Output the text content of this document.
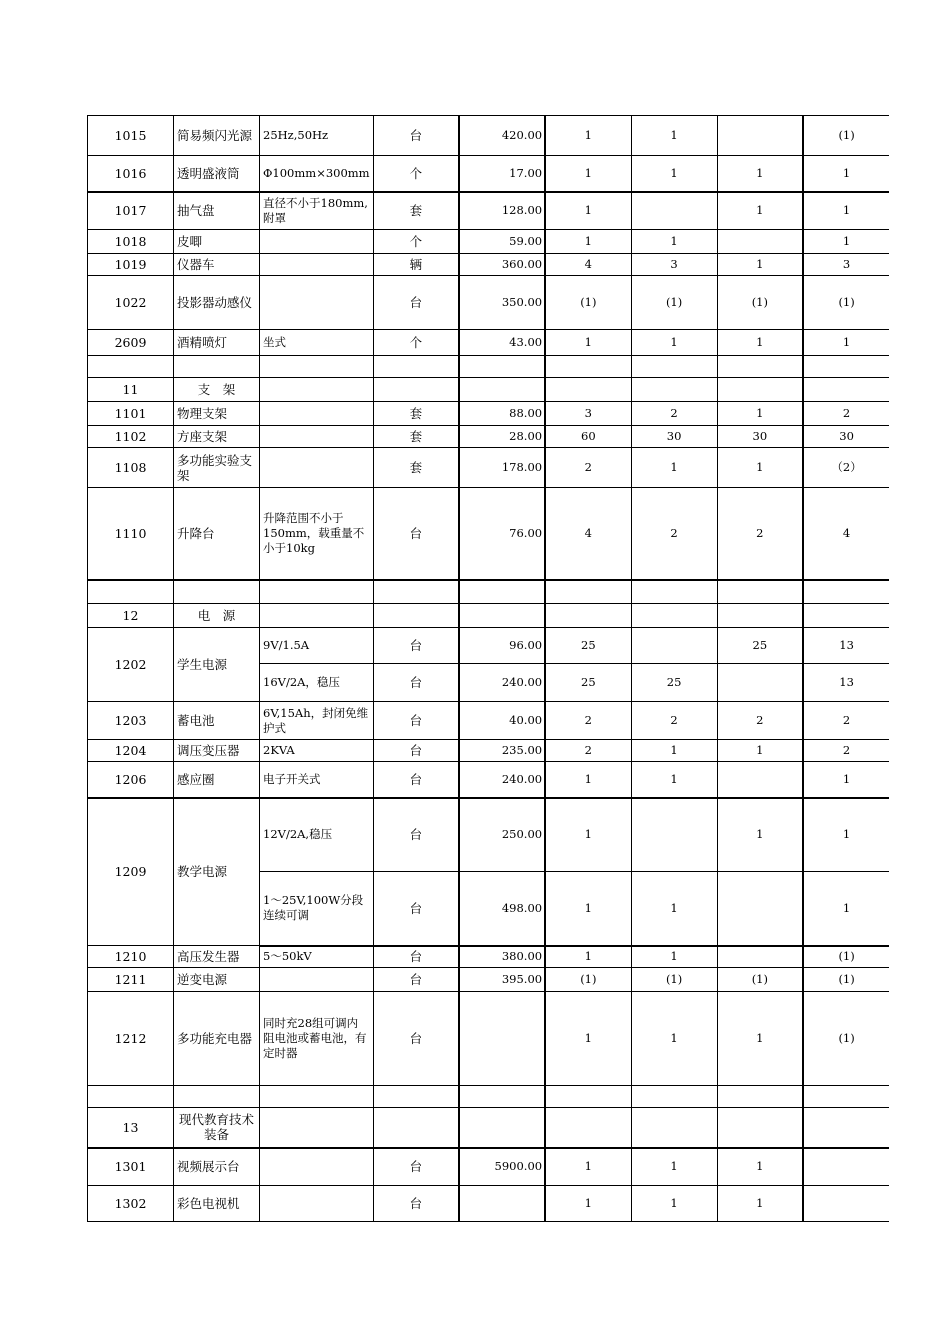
1015	简易频闪光源	25Hz,50Hz	台	420.00	1	1		(1)
1016	透明盛液筒	Φ100mm×300mm	个	17.00	1	1	1	1
1017	抽气盘	直径不小于180mm,附罩	套	128.00	1		1	1
1018	皮唧		个	59.00	1	1		1
1019	仪器车		辆	360.00	4	3	1	3
1022	投影器动感仪		台	350.00	(1)	(1)	(1)	(1)
2609	酒精喷灯	坐式	个	43.00	1	1	1	1

11	支　架							
1101	物理支架		套	88.00	3	2	1	2
1102	方座支架		套	28.00	60	30	30	30
1108	多功能实验支架		套	178.00	2	1	1	（2）
1110	升降台	升降范围不小于150mm，载重量不小于10kg	台	76.00	4	2	2	4

12	电　源							
1202	学生电源	9V/1.5A	台	96.00	25		25	13
		16V/2A，稳压	台	240.00	25	25		13
1203	蓄电池	6V,15Ah，封闭免维护式	台	40.00	2	2	2	2
1204	调压变压器	2KVA	台	235.00	2	1	1	2
1206	感应圈	电子开关式	台	240.00	1	1		1
1209	教学电源	12V/2A,稳压	台	250.00	1		1	1
		1～25V,100W分段连续可调	台	498.00	1	1		1
1210	高压发生器	5～50kV	台	380.00	1	1		(1)
1211	逆变电源		台	395.00	(1)	(1)	(1)	(1)
1212	多功能充电器	同时充28组可调内阻电池或蓄电池，有定时器	台		1	1	1	(1)

13	现代教育技术装备							
1301	视频展示台		台	5900.00	1	1	1	
1302	彩色电视机		台		1	1	1	
